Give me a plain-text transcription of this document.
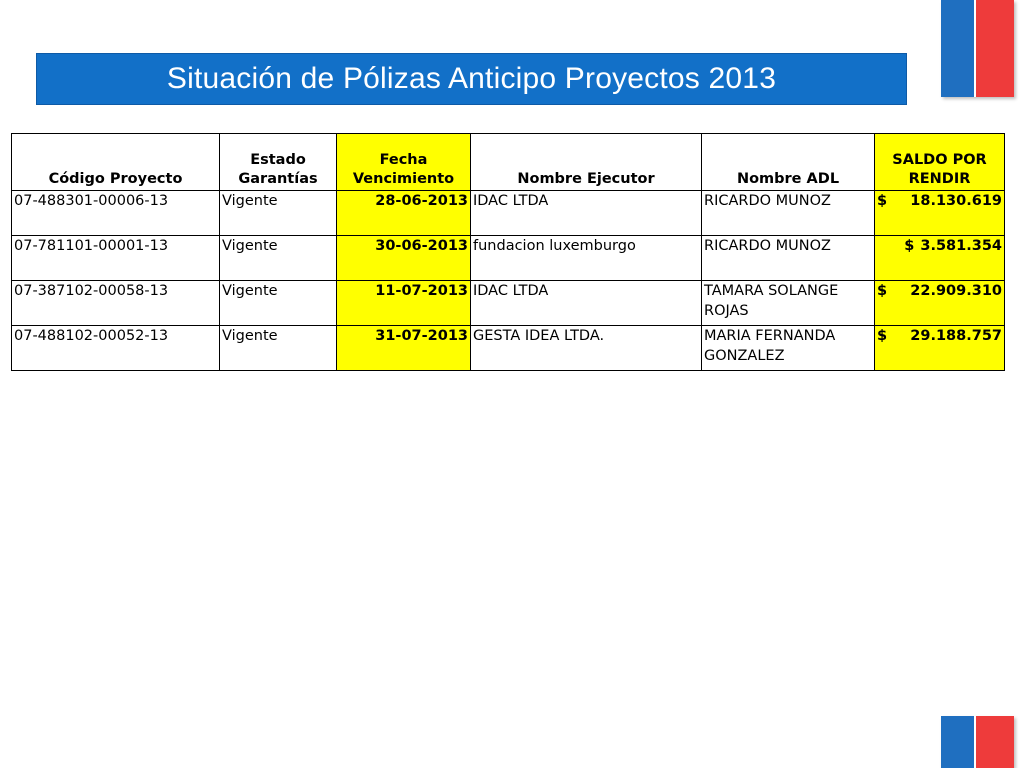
Situación de Pólizas Anticipo Proyectos 2013
Código Proyecto	Estado Garantías	Fecha Vencimiento	Nombre Ejecutor	Nombre ADL	SALDO POR RENDIR
07-488301-00006-13	Vigente	28-06-2013	IDAC LTDA	RICARDO MUNOZ	$ 18.130.619

07-781101-00001-13	Vigente	30-06-2013	fundacion luxemburgo	RICARDO MUNOZ	$ 3.581.354

07-387102-00058-13	Vigente	11-07-2013	IDAC LTDA	TAMARA SOLANGE ROJAS	$ 22.909.310

07-488102-00052-13	Vigente	31-07-2013	GESTA IDEA LTDA.	MARIA FERNANDA GONZALEZ	$ 29.188.757
